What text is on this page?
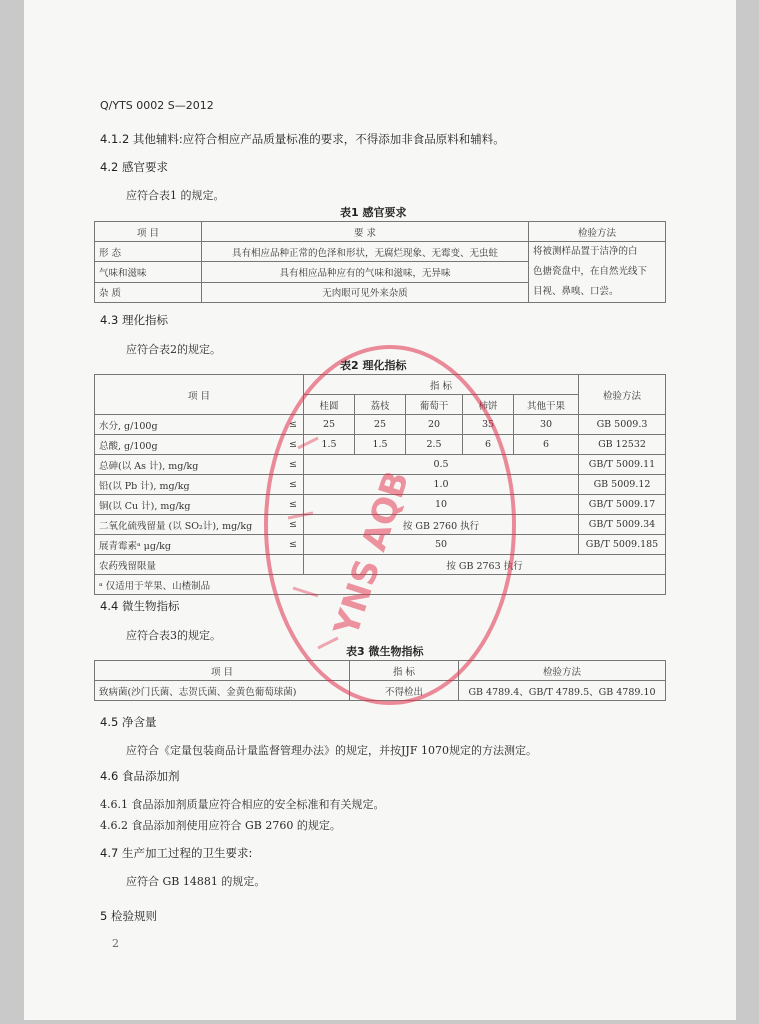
Q/YTS 0002 S—2012
4.1.2 其他辅料:应符合相应产品质量标准的要求，不得添加非食品原料和辅料。
4.2 感官要求
应符合表1 的规定。
表1 感官要求
项 目	要 求	检验方法
形 态	具有相应品种正常的色泽和形状，无腐烂现象、无霉变、无虫蛀	将被测样品置于洁净的白
色搪瓷盘中，在自然光线下
目视、鼻嗅、口尝。

气味和滋味	具有相应品种应有的气味和滋味，无异味	
杂 质	无肉眼可见外来杂质	
4.3 理化指标
应符合表2的规定。
表2 理化指标
项 目		指 标					检验方法
		桂圆	荔枝	葡萄干	柿饼	其他干果	
水分, g/100g	≤	25	25	20	35	30	GB 5009.3
总酸, g/100g	≤	1.5	1.5	2.5	6	6	GB 12532
总砷(以 As 计), mg/kg	≤	0.5					GB/T 5009.11
铅(以 Pb 计), mg/kg	≤	1.0					GB 5009.12
铜(以 Cu 计), mg/kg	≤	10					GB/T 5009.17
二氧化硫残留量 (以 SO₂计), mg/kg	≤	按 GB 2760 执行					GB/T 5009.34
展青霉素ᵃ μg/kg	≤	50					GB/T 5009.185
农药残留限量		按 GB 2763 执行					
ᵃ 仅适用于苹果、山楂制品							
4.4 微生物指标
应符合表3的规定。
表3 微生物指标
项 目	指 标	检验方法
致病菌(沙门氏菌、志贺氏菌、金黄色葡萄球菌)	不得检出	GB 4789.4、GB/T 4789.5、GB 4789.10
4.5 净含量
应符合《定量包装商品计量监督管理办法》的规定，并按JJF 1070规定的方法测定。
4.6 食品添加剂
4.6.1 食品添加剂质量应符合相应的安全标准和有关规定。
4.6.2 食品添加剂使用应符合 GB 2760 的规定。
4.7 生产加工过程的卫生要求:
应符合 GB 14881 的规定。
5 检验规则
2
YNS AQB
